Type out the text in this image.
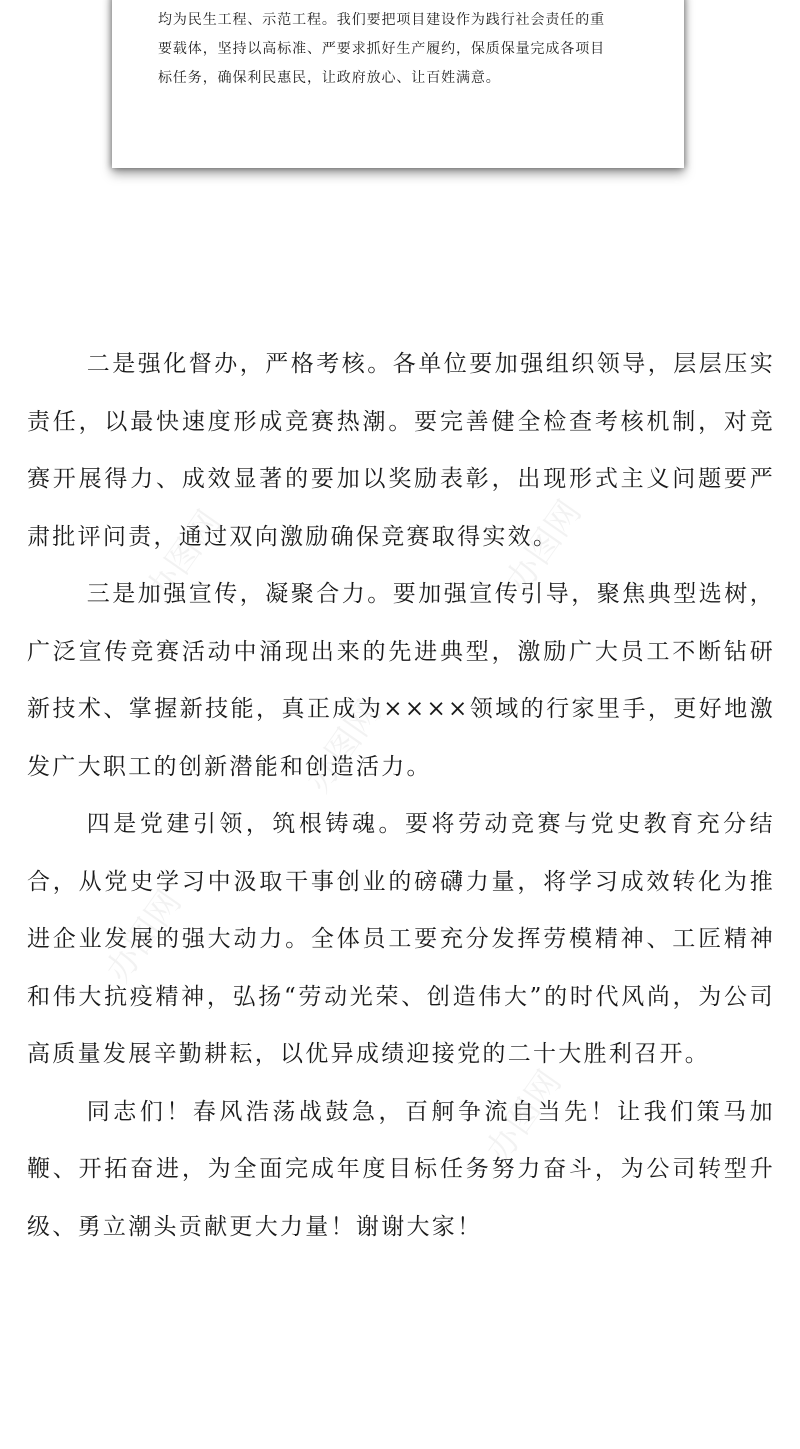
均为民生工程、示范工程。我们要把项目建设作为践行社会责任的重
要载体，坚持以高标准、严要求抓好生产履约，保质保量完成各项目
标任务，确保利民惠民，让政府放心、让百姓满意。

二是强化督办，严格考核。各单位要加强组织领导，层层压实责任，以最快速度形成竞赛热潮。要完善健全检查考核机制，对竞赛开展得力、成效显著的要加以奖励表彰，出现形式主义问题要严肃批评问责，通过双向激励确保竞赛取得实效。

三是加强宣传，凝聚合力。要加强宣传引导，聚焦典型选树，广泛宣传竞赛活动中涌现出来的先进典型，激励广大员工不断钻研新技术、掌握新技能，真正成为××××领域的行家里手，更好地激发广大职工的创新潜能和创造活力。

四是党建引领，筑根铸魂。要将劳动竞赛与党史教育充分结合，从党史学习中汲取干事创业的磅礴力量，将学习成效转化为推进企业发展的强大动力。全体员工要充分发挥劳模精神、工匠精神和伟大抗疫精神，弘扬“劳动光荣、创造伟大”的时代风尚，为公司高质量发展辛勤耕耘，以优异成绩迎接党的二十大胜利召开。

同志们！春风浩荡战鼓急，百舸争流自当先！让我们策马加鞭、开拓奋进，为全面完成年度目标任务努力奋斗，为公司转型升级、勇立潮头贡献更大力量！谢谢大家！

办图网	办图网
办图网
办图网
办图网
